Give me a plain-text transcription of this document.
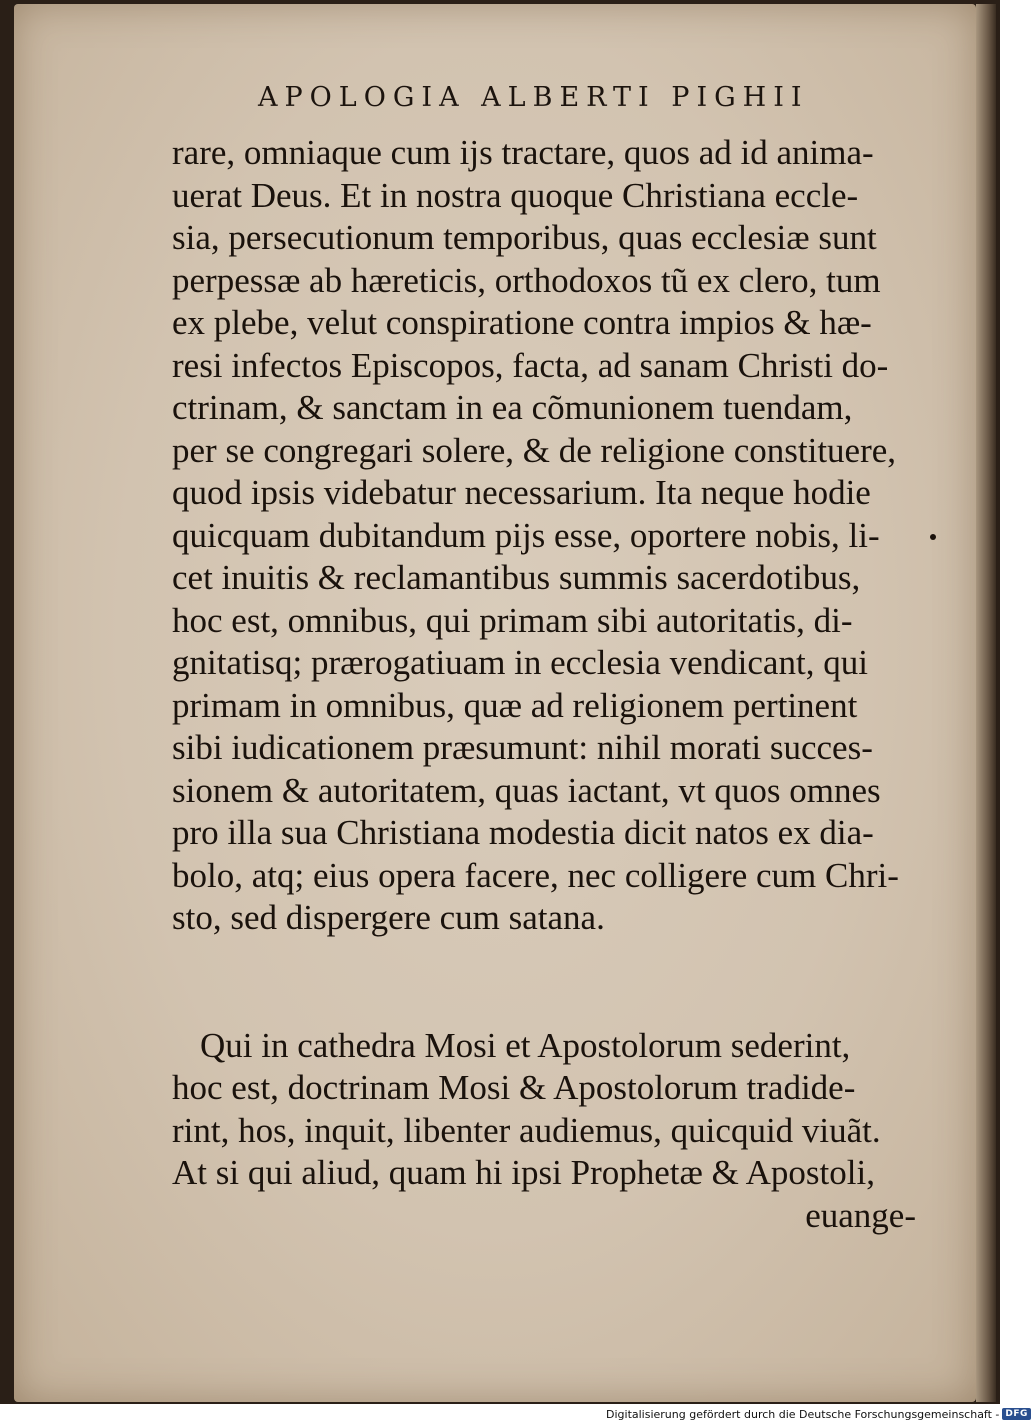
APOLOGIA ALBERTI PIGHII
rare, omniaque cum ijs tractare, quos ad id anima-
uerat Deus. Et in nostra quoque Christiana eccle-
sia, persecutionum temporibus, quas ecclesiæ sunt
perpessæ ab hæreticis, orthodoxos tũ ex clero, tum
ex plebe, velut conspiratione contra impios & hæ-
resi infectos Episcopos, facta, ad sanam Christi do-
ctrinam, & sanctam in ea cõmunionem tuendam,
per se congregari solere, & de religione constituere,
quod ipsis videbatur necessarium. Ita neque hodie
quicquam dubitandum pijs esse, oportere nobis, li-
cet inuitis & reclamantibus summis sacerdotibus,
hoc est, omnibus, qui primam sibi autoritatis, di-
gnitatisq; prærogatiuam in ecclesia vendicant, qui
primam in omnibus, quæ ad religionem pertinent
sibi iudicationem præsumunt: nihil morati succes-
sionem & autoritatem, quas iactant, vt quos omnes
pro illa sua Christiana modestia dicit natos ex dia-
bolo, atq; eius opera facere, nec colligere cum Chri-
sto, sed dispergere cum satana.
Qui in cathedra Mosi et Apostolorum sederint,
hoc est, doctrinam Mosi & Apostolorum tradide-
rint, hos, inquit, libenter audiemus, quicquid viuãt.
At si qui aliud, quam hi ipsi Prophetæ & Apostoli,
euange-
Digitalisierung gefördert durch die Deutsche Forschungsgemeinschaft - DFG
